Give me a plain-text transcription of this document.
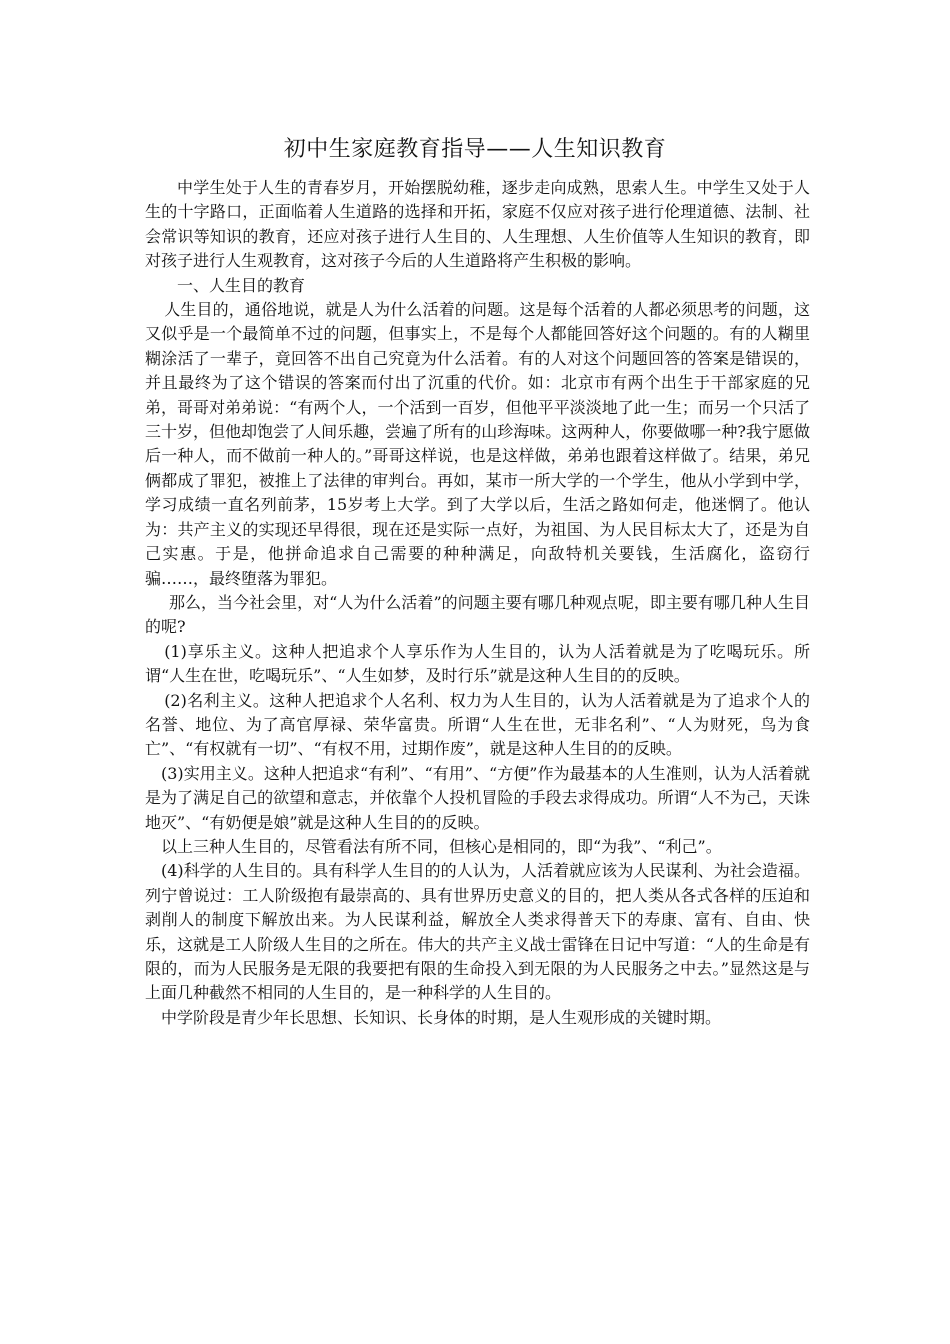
初中生家庭教育指导——人生知识教育

中学生处于人生的青春岁月，开始摆脱幼稚，逐步走向成熟，思索人生。中学生又处于人生的十字路口，正面临着人生道路的选择和开拓，家庭不仅应对孩子进行伦理道德、法制、社会常识等知识的教育，还应对孩子进行人生目的、人生理想、人生价值等人生知识的教育，即对孩子进行人生观教育，这对孩子今后的人生道路将产生积极的影响。

一、人生目的教育

人生目的，通俗地说，就是人为什么活着的问题。这是每个活着的人都必须思考的问题，这又似乎是一个最简单不过的问题，但事实上，不是每个人都能回答好这个问题的。有的人糊里糊涂活了一辈子，竟回答不出自己究竟为什么活着。有的人对这个问题回答的答案是错误的，并且最终为了这个错误的答案而付出了沉重的代价。如：北京市有两个出生于干部家庭的兄弟，哥哥对弟弟说：“有两个人，一个活到一百岁，但他平平淡淡地了此一生；而另一个只活了三十岁，但他却饱尝了人间乐趣，尝遍了所有的山珍海味。这两种人，你要做哪一种?我宁愿做后一种人，而不做前一种人的。”哥哥这样说，也是这样做，弟弟也跟着这样做了。结果，弟兄俩都成了罪犯，被推上了法律的审判台。再如，某市一所大学的一个学生，他从小学到中学，学习成绩一直名列前茅，15岁考上大学。到了大学以后，生活之路如何走，他迷惘了。他认为：共产主义的实现还早得很，现在还是实际一点好，为祖国、为人民目标太大了，还是为自己实惠。于是，他拼命追求自己需要的种种满足，向敌特机关要钱，生活腐化，盗窃行骗……，最终堕落为罪犯。

那么，当今社会里，对“人为什么活着”的问题主要有哪几种观点呢，即主要有哪几种人生目的呢?

(1)享乐主义。这种人把追求个人享乐作为人生目的，认为人活着就是为了吃喝玩乐。所谓“人生在世，吃喝玩乐”、“人生如梦，及时行乐”就是这种人生目的的反映。

(2)名利主义。这种人把追求个人名利、权力为人生目的，认为人活着就是为了追求个人的名誉、地位、为了高官厚禄、荣华富贵。所谓“人生在世，无非名利”、“人为财死，鸟为食亡”、“有权就有一切”、“有权不用，过期作废”，就是这种人生目的的反映。

(3)实用主义。这种人把追求“有利”、“有用”、“方便”作为最基本的人生准则，认为人活着就是为了满足自己的欲望和意志，并依靠个人投机冒险的手段去求得成功。所谓“人不为己，天诛地灭”、“有奶便是娘”就是这种人生目的的反映。

以上三种人生目的，尽管看法有所不同，但核心是相同的，即“为我”、“利己”。

(4)科学的人生目的。具有科学人生目的的人认为，人活着就应该为人民谋利、为社会造福。列宁曾说过：工人阶级抱有最崇高的、具有世界历史意义的目的，把人类从各式各样的压迫和剥削人的制度下解放出来。为人民谋利益，解放全人类求得普天下的寿康、富有、自由、快乐，这就是工人阶级人生目的之所在。伟大的共产主义战士雷锋在日记中写道：“人的生命是有限的，而为人民服务是无限的我要把有限的生命投入到无限的为人民服务之中去。”显然这是与上面几种截然不相同的人生目的，是一种科学的人生目的。

中学阶段是青少年长思想、长知识、长身体的时期，是人生观形成的关键时期。
